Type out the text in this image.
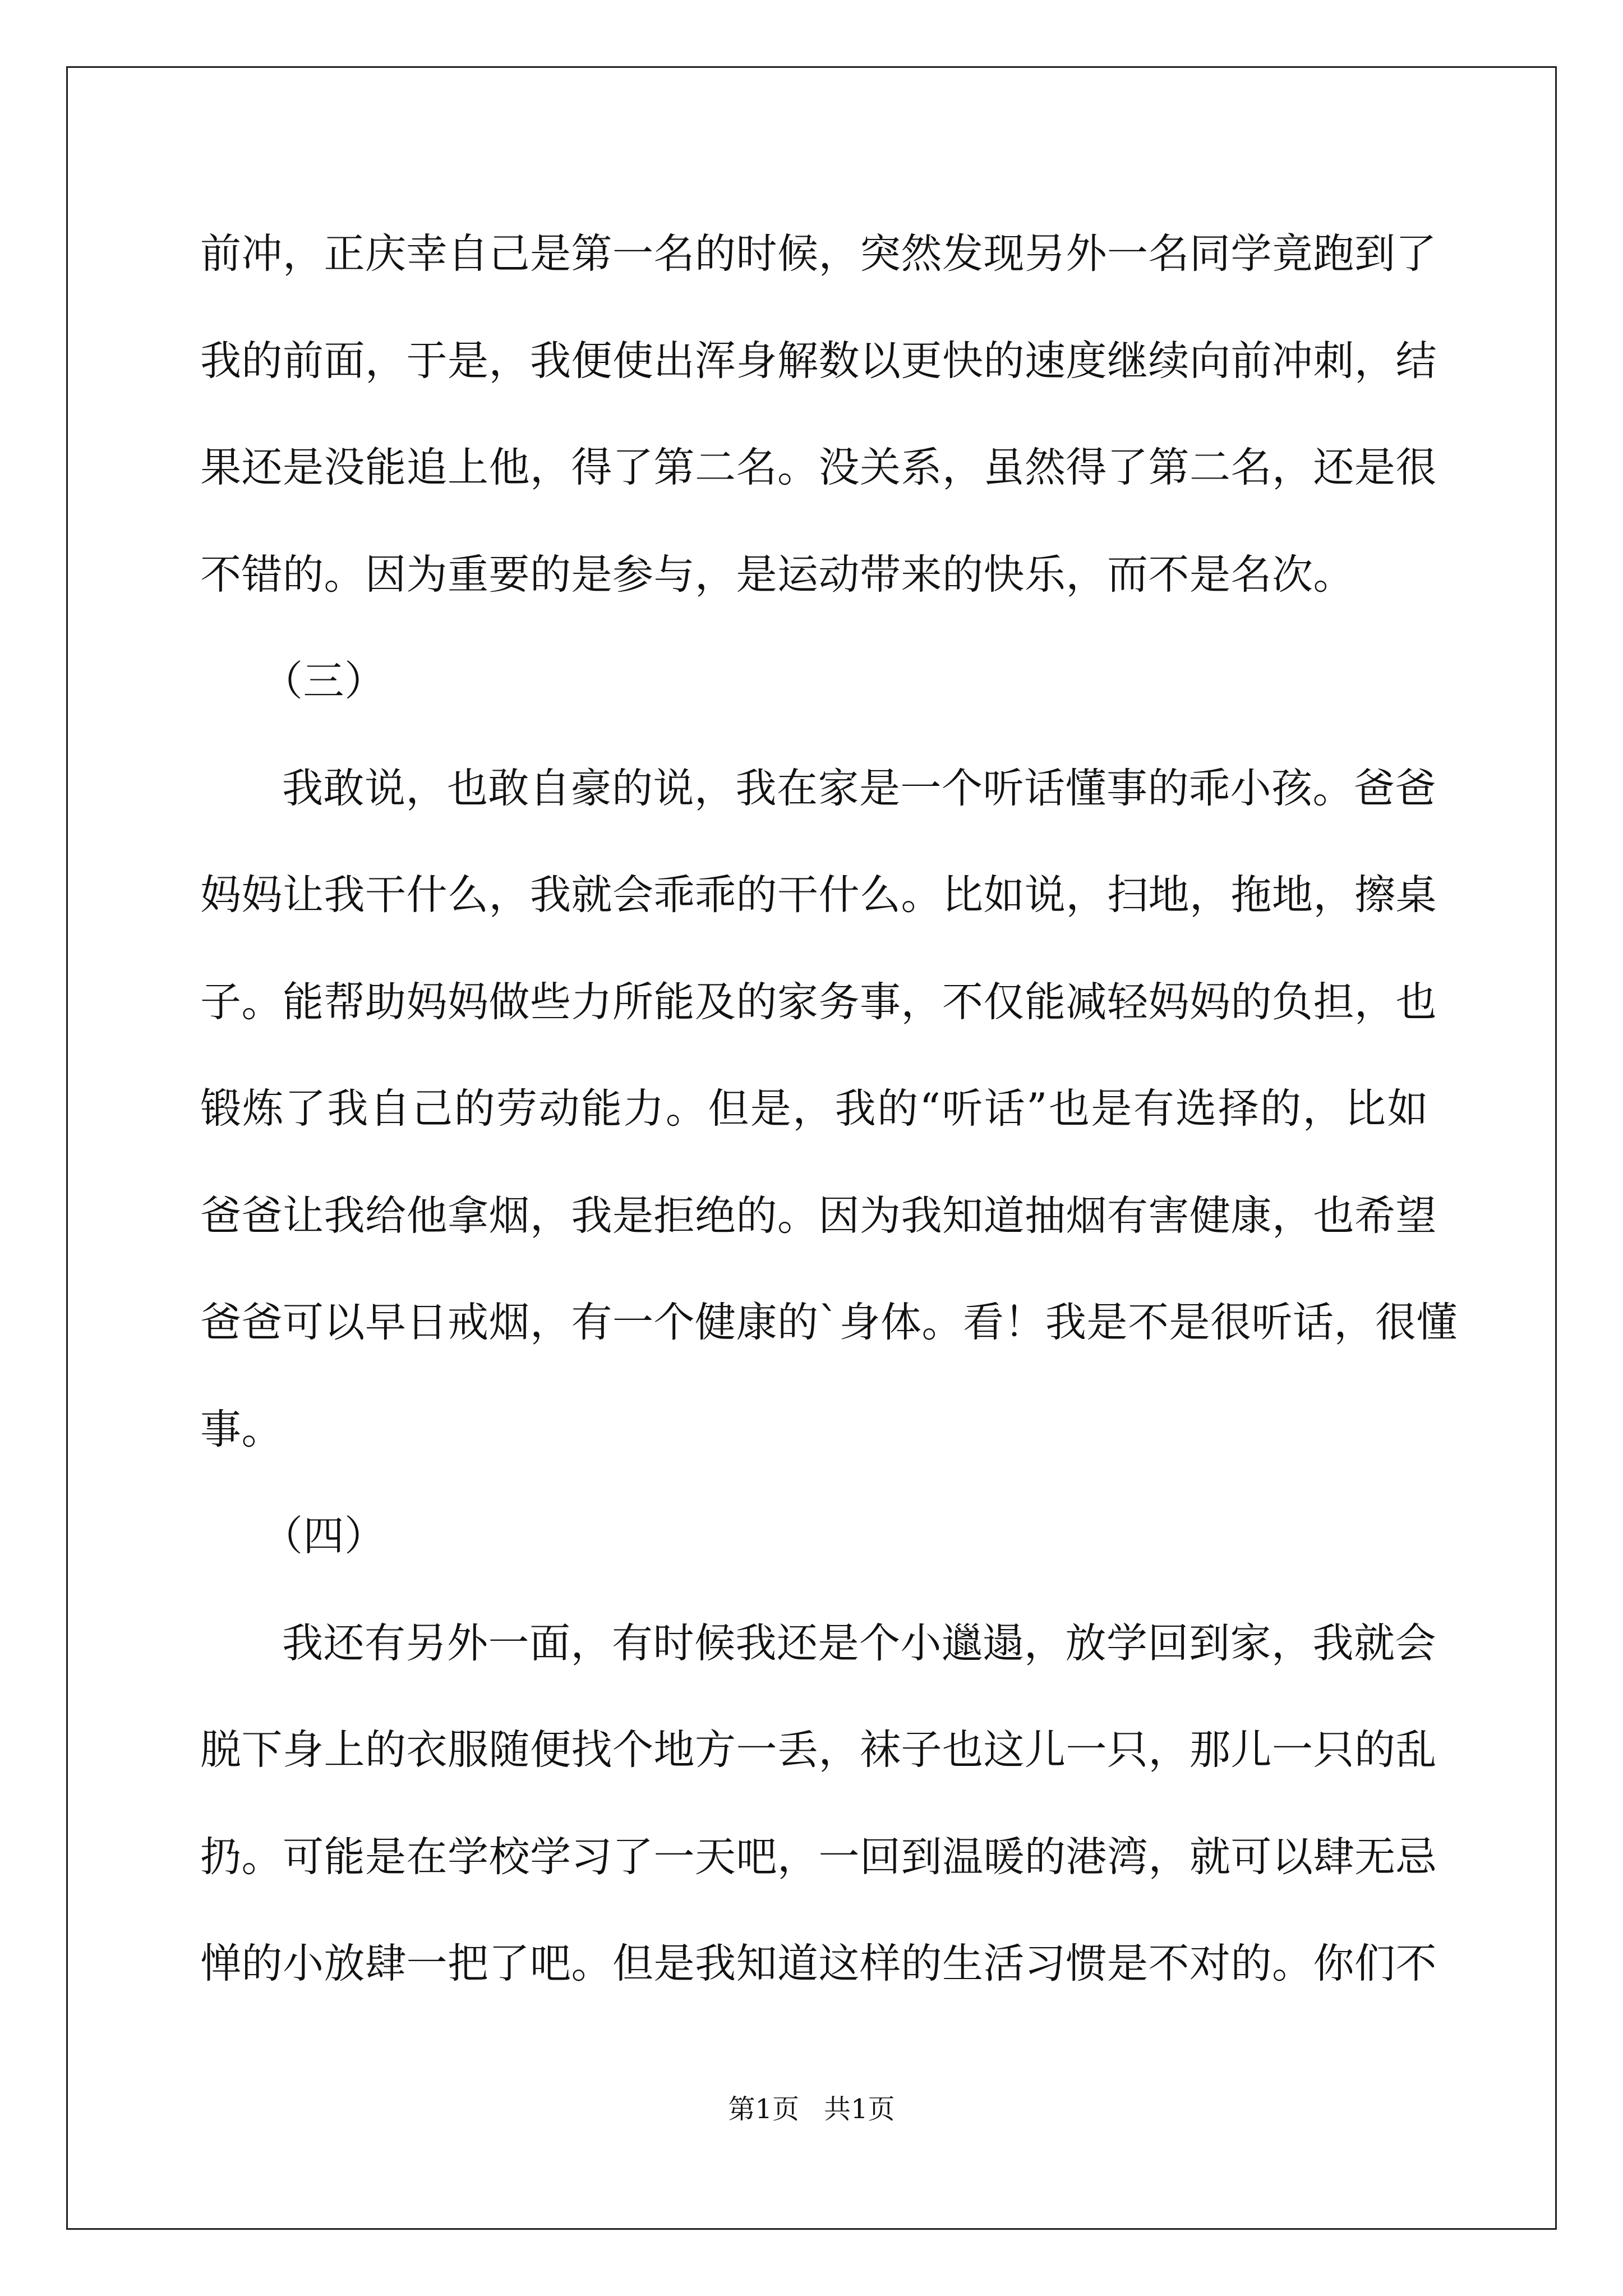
前冲，正庆幸自己是第一名的时候，突然发现另外一名同学竟跑到了
我的前面，于是，我便使出浑身解数以更快的速度继续向前冲刺，结
果还是没能追上他，得了第二名。没关系，虽然得了第二名，还是很
不错的。因为重要的是参与，是运动带来的快乐，而不是名次。
（三）
我敢说，也敢自豪的说，我在家是一个听话懂事的乖小孩。爸爸
妈妈让我干什么，我就会乖乖的干什么。比如说，扫地，拖地，擦桌
子。能帮助妈妈做些力所能及的家务事，不仅能减轻妈妈的负担，也
锻炼了我自己的劳动能力。但是，我的“听话”也是有选择的，比如
爸爸让我给他拿烟，我是拒绝的。因为我知道抽烟有害健康，也希望
爸爸可以早日戒烟，有一个健康的`身体。看！我是不是很听话，很懂
事。
（四）
我还有另外一面，有时候我还是个小邋遢，放学回到家，我就会
脱下身上的衣服随便找个地方一丢，袜子也这儿一只，那儿一只的乱
扔。可能是在学校学习了一天吧，一回到温暖的港湾，就可以肆无忌
惮的小放肆一把了吧。但是我知道这样的生活习惯是不对的。你们不
第1页 共1页
